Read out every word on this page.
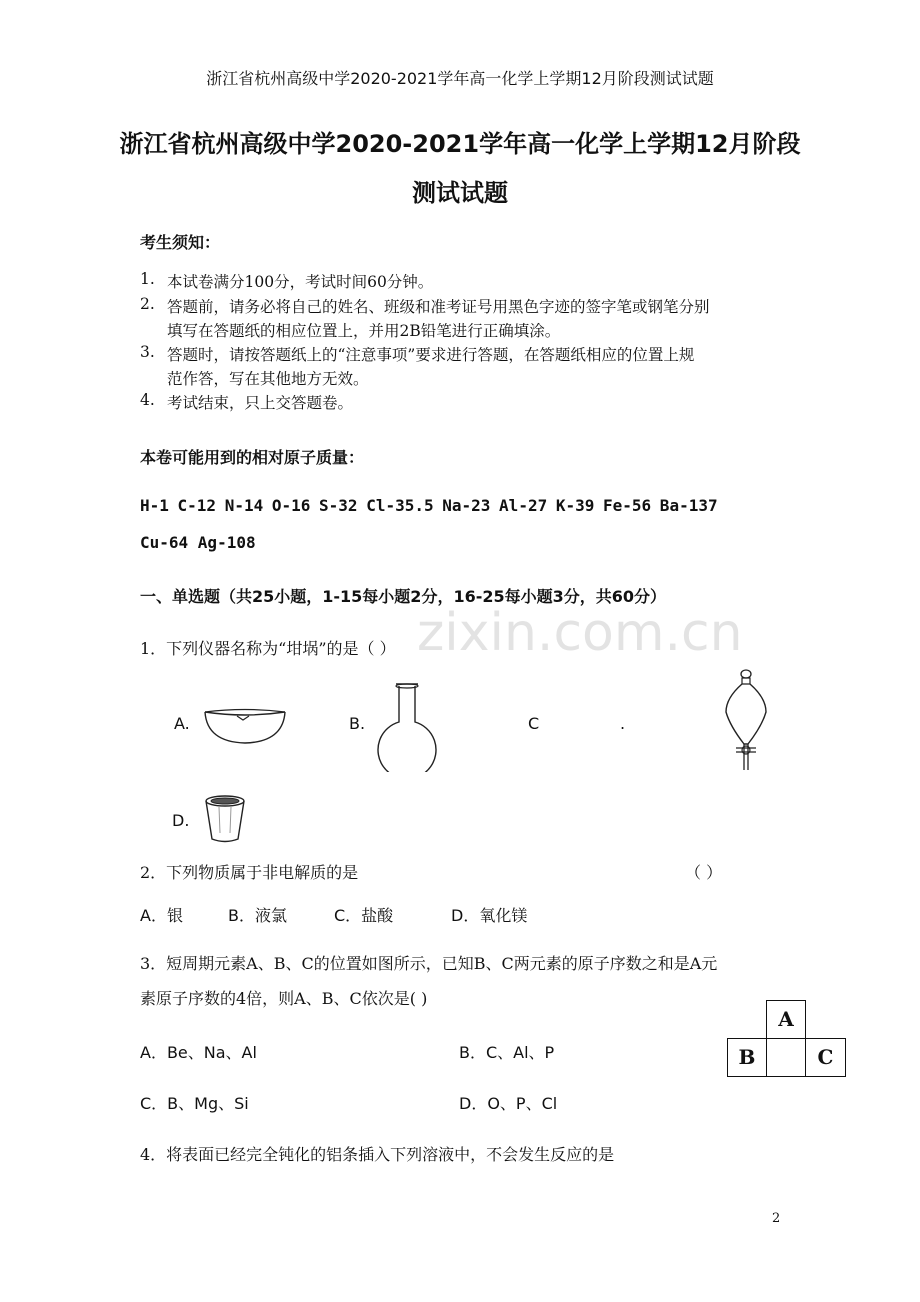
浙江省杭州高级中学2020-2021学年高一化学上学期12月阶段测试试题
浙江省杭州高级中学2020-2021学年高一化学上学期12月阶段
测试试题
考生须知：
1. 本试卷满分100分，考试时间60分钟。
2. 答题前，请务必将自己的姓名、班级和准考证号用黑色字迹的签字笔或钢笔分别
填写在答题纸的相应位置上，并用2B铅笔进行正确填涂。
3. 答题时，请按答题纸上的“注意事项”要求进行答题，在答题纸相应的位置上规
范作答，写在其他地方无效。
4. 考试结束，只上交答题卷。
本卷可能用到的相对原子质量：
H-1 C-12 N-14 O-16 S-32 Cl-35.5 Na-23 Al-27 K-39 Fe-56 Ba-137
Cu-64 Ag-108
一、单选题（共25小题，1-15每小题2分，16-25每小题3分，共60分）
zixin.com.cn
1．下列仪器名称为“坩埚”的是（ ）
A.	B.	C	.
D.
2．下列物质属于非电解质的是	（ ）
A．银	B．液氯	C．盐酸	D．氧化镁
3．短周期元素A、B、C的位置如图所示，已知B、C两元素的原子序数之和是A元
素原子序数的4倍，则A、B、C依次是( )
A．Be、Na、Al	B．C、Al、P
C．B、Mg、Si	D．O、P、Cl
A
B	C
4．将表面已经完全钝化的铝条插入下列溶液中，不会发生反应的是
2
